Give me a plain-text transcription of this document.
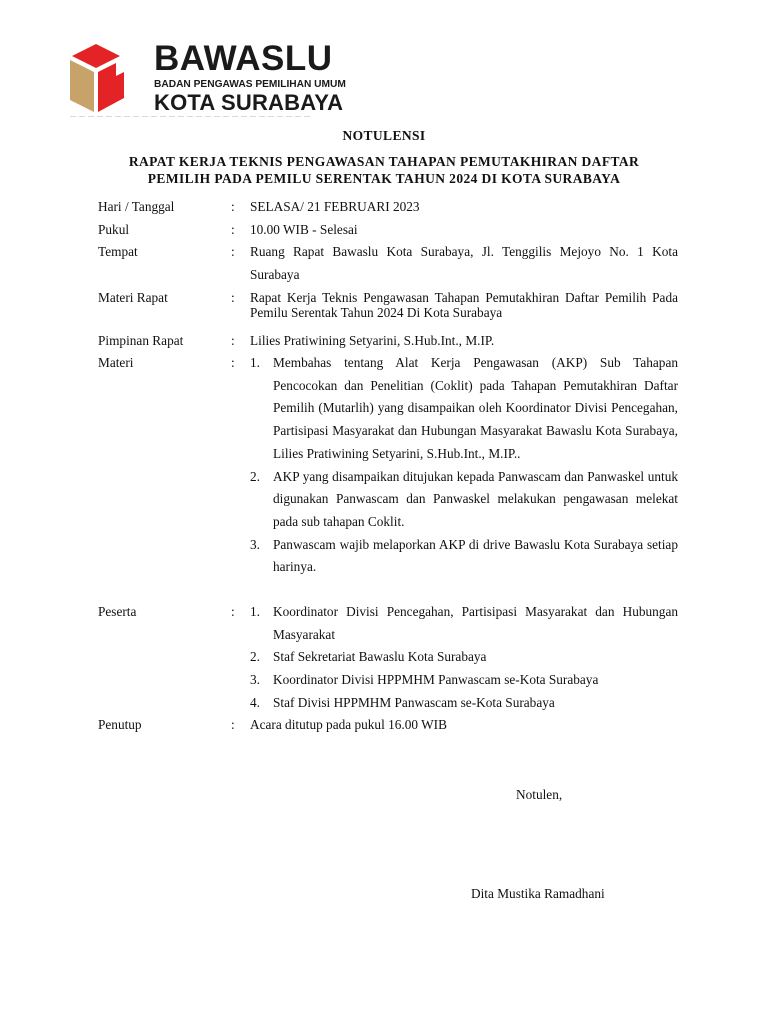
BAWASLU
BADAN PENGAWAS PEMILIHAN UMUM
KOTA SURABAYA
NOTULENSI
RAPAT KERJA TEKNIS PENGAWASAN TAHAPAN PEMUTAKHIRAN DAFTAR
PEMILIH PADA PEMILU SERENTAK TAHUN 2024 DI KOTA SURABAYA
Hari / Tanggal	:	SELASA/ 21 FEBRUARI 2023
Pukul	:	10.00 WIB - Selesai
Tempat	:	Ruang Rapat Bawaslu Kota Surabaya, Jl. Tenggilis Mejoyo No. 1 Kota Surabaya
Materi Rapat	:	Rapat Kerja Teknis Pengawasan Tahapan Pemutakhiran Daftar Pemilih Pada Pemilu Serentak Tahun 2024 Di Kota Surabaya
Pimpinan Rapat	:	Lilies Pratiwining Setyarini, S.Hub.Int., M.IP.
Materi	:	1. Membahas tentang Alat Kerja Pengawasan (AKP) Sub Tahapan Pencocokan dan Penelitian (Coklit) pada Tahapan Pemutakhiran Daftar Pemilih (Mutarlih) yang disampaikan oleh Koordinator Divisi Pencegahan, Partisipasi Masyarakat dan Hubungan Masyarakat Bawaslu Kota Surabaya, Lilies Pratiwining Setyarini, S.Hub.Int., M.IP..
2. AKP yang disampaikan ditujukan kepada Panwascam dan Panwaskel untuk digunakan Panwascam dan Panwaskel melakukan pengawasan melekat pada sub tahapan Coklit.
3. Panwascam wajib melaporkan AKP di drive Bawaslu Kota Surabaya setiap harinya.
Peserta	:	1. Koordinator Divisi Pencegahan, Partisipasi Masyarakat dan Hubungan Masyarakat
2. Staf Sekretariat Bawaslu Kota Surabaya
3. Koordinator Divisi HPPMHM Panwascam se-Kota Surabaya
4. Staf Divisi HPPMHM Panwascam se-Kota Surabaya
Penutup	:	Acara ditutup pada pukul 16.00 WIB
Notulen,
Dita Mustika Ramadhani
